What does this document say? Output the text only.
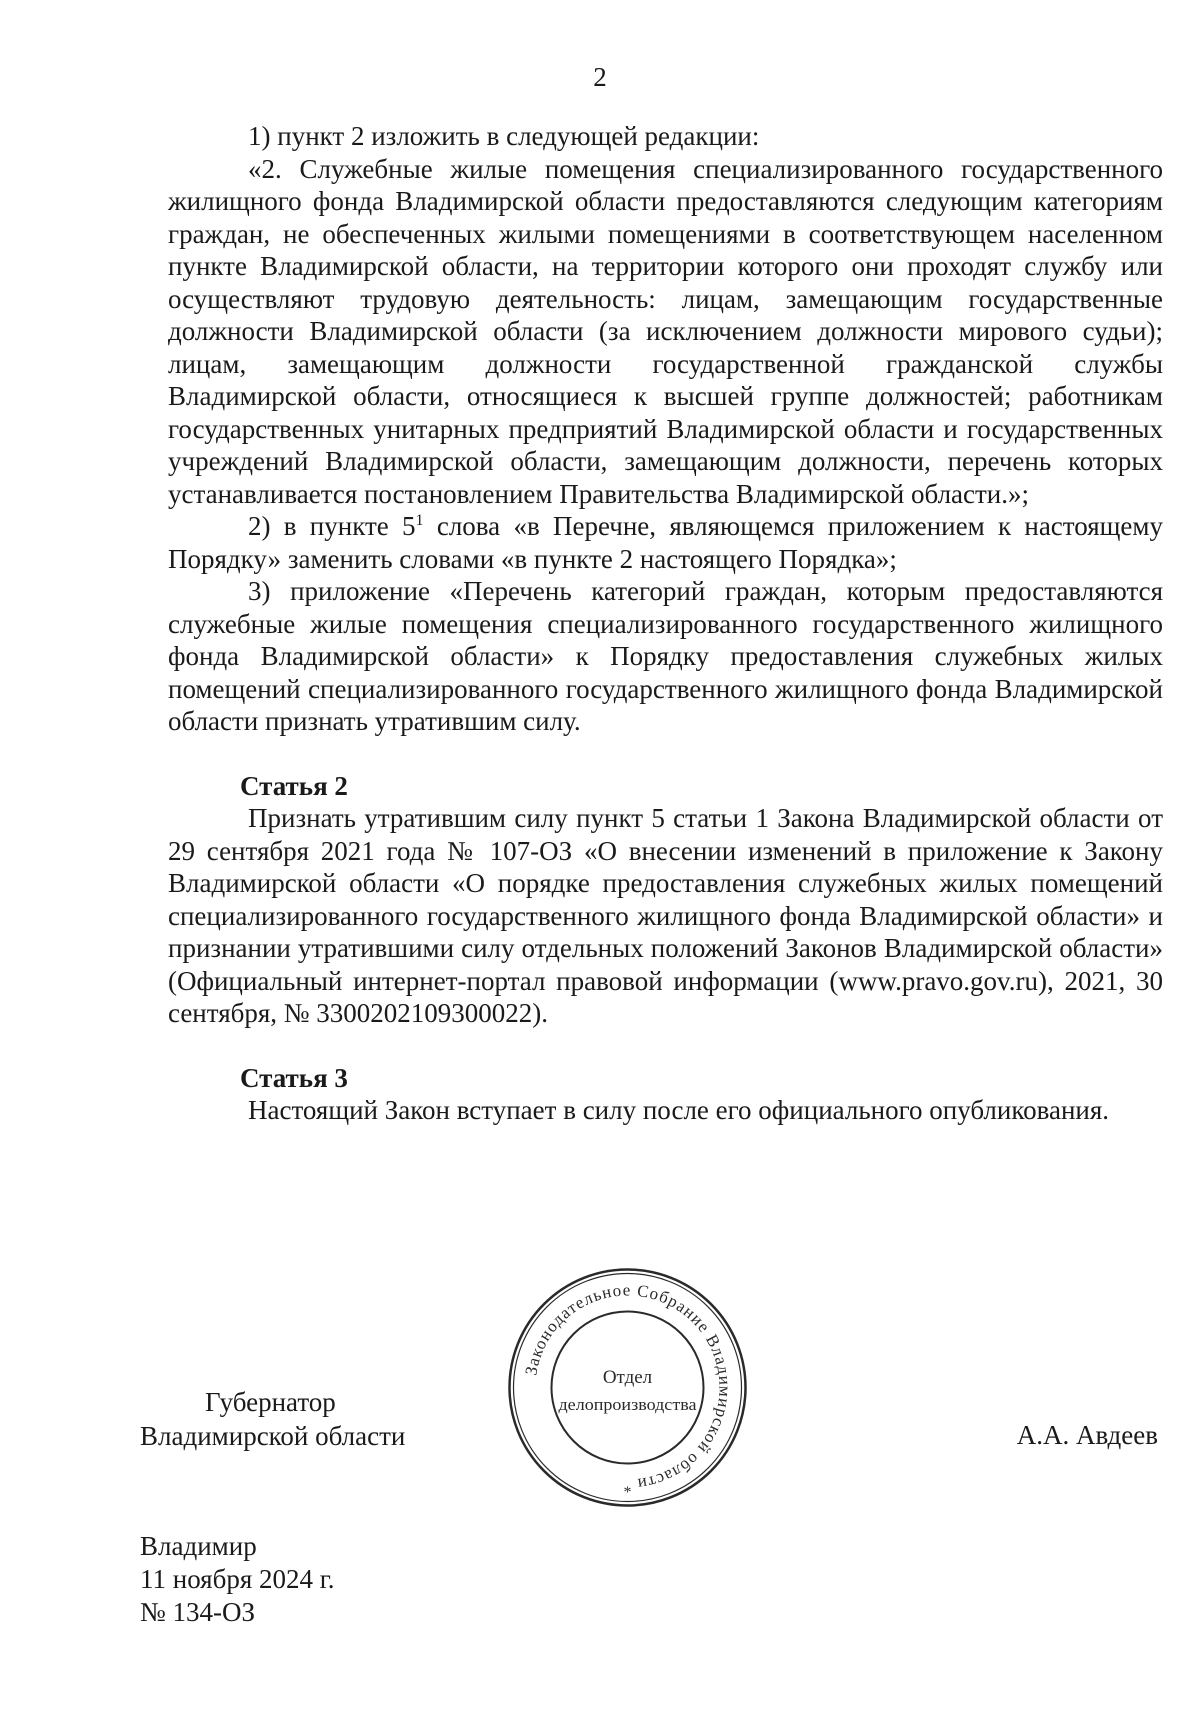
2

1) пункт 2 изложить в следующей редакции:

«2. Служебные жилые помещения специализированного государственного жилищного фонда Владимирской области предоставляются следующим категориям граждан, не обеспеченных жилыми помещениями в соответствующем населенном пункте Владимирской области, на территории которого они проходят службу или осуществляют трудовую деятельность: лицам, замещающим государственные должности Владимирской области (за исключением должности мирового судьи); лицам, замещающим должности государственной гражданской службы Владимирской области, относящиеся к высшей группе должностей; работникам государственных унитарных предприятий Владимирской области и государственных учреждений Владимирской области, замещающим должности, перечень которых устанавливается постановлением Правительства Владимирской области.»;

2) в пункте $5^1$ слова «в Перечне, являющемся приложением к настоящему Порядку» заменить словами «в пункте 2 настоящего Порядка»;

3) приложение «Перечень категорий граждан, которым предоставляются служебные жилые помещения специализированного государственного жилищного фонда Владимирской области» к Порядку предоставления служебных жилых помещений специализированного государственного жилищного фонда Владимирской области признать утратившим силу.

Статья 2

Признать утратившим силу пункт 5 статьи 1 Закона Владимирской области от 29 сентября 2021 года № 107-ОЗ «О внесении изменений в приложение к Закону Владимирской области «О порядке предоставления служебных жилых помещений специализированного государственного жилищного фонда Владимирской области» и признании утратившими силу отдельных положений Законов Владимирской области» (Официальный интернет-портал правовой информации (www.pravo.gov.ru), 2021, 30 сентября, № 3300202109300022).

Статья 3

Настоящий Закон вступает в силу после его официального опубликования.

Губернатор
Владимирской области	А.А. Авдеев
Законодательное Собрание Владимирской области
*
Отдел
делопроизводства
Владимир
11 ноября 2024 г.
№ 134-ОЗ
